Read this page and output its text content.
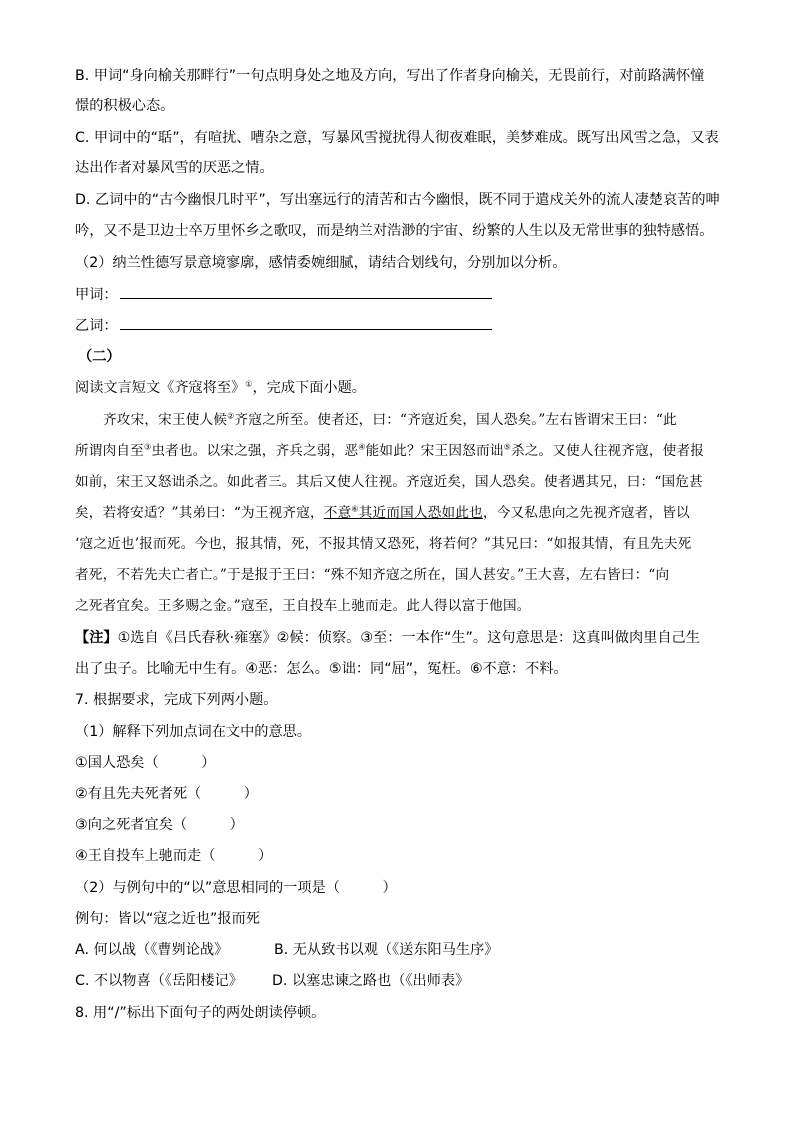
B. 甲词“身向榆关那畔行”一句点明身处之地及方向，写出了作者身向榆关，无畏前行，对前路满怀憧
憬的积极心态。
C. 甲词中的“聒”，有喧扰、嘈杂之意，写暴风雪搅扰得人彻夜难眠，美梦难成。既写出风雪之急，又表
达出作者对暴风雪的厌恶之情。
D. 乙词中的“古今幽恨几时平”，写出塞远行的清苦和古今幽恨，既不同于遣戍关外的流人凄楚哀苦的呻
吟，又不是卫边士卒万里怀乡之歌叹，而是纳兰对浩渺的宇宙、纷繁的人生以及无常世事的独特感悟。
（2）纳兰性德写景意境寥廓，感情委婉细腻，请结合划线句，分别加以分析。
甲词：
乙词：
（二）
阅读文言短文《齐寇将至》①，完成下面小题。
齐攻宋，宋王使人候②齐寇之所至。使者还，曰：“齐寇近矣，国人恐矣。”左右皆谓宋王曰：“此
所谓肉自至③虫者也。以宋之强，齐兵之弱，恶④能如此？宋王因怒而诎⑤杀之。又使人往视齐寇，使者报
如前，宋王又怒诎杀之。如此者三。其后又使人往视。齐寇近矣，国人恐矣。使者遇其兄，曰：“国危甚
矣，若将安适？”其弟曰：“为王视齐寇，不意⑥其近而国人恐如此也，今又私患向之先视齐寇者，皆以
‘寇之近也’报而死。今也，报其情，死，不报其情又恐死，将若何？”其兄曰：“如报其情，有且先夫死
者死，不若先夫亡者亡。”于是报于王曰：“殊不知齐寇之所在，国人甚安。”王大喜，左右皆曰：“向
之死者宜矣。王多赐之金。”寇至，王自投车上驰而走。此人得以富于他国。
【注】①选自《吕氏春秋·雍塞》②候：侦察。③至：一本作“生”。这句意思是：这真叫做肉里自己生
出了虫子。比喻无中生有。④恶：怎么。⑤诎：同“屈”，冤枉。⑥不意：不料。
7. 根据要求，完成下列两小题。
（1）解释下列加点词在文中的意思。
①国人恐矣（　　　）
②有且先夫死者死（　　　）
③向之死者宜矣（　　　）
④王自投车上驰而走（　　　）
（2）与例句中的“以”意思相同的一项是（　　　）
例句：皆以“寇之近也”报而死
A. 何以战（《曹刿论战》	B. 无从致书以观（《送东阳马生序》
C. 不以物喜（《岳阳楼记》 D. 以塞忠谏之路也（《出师表》
8. 用“/”标出下面句子的两处朗读停顿。
